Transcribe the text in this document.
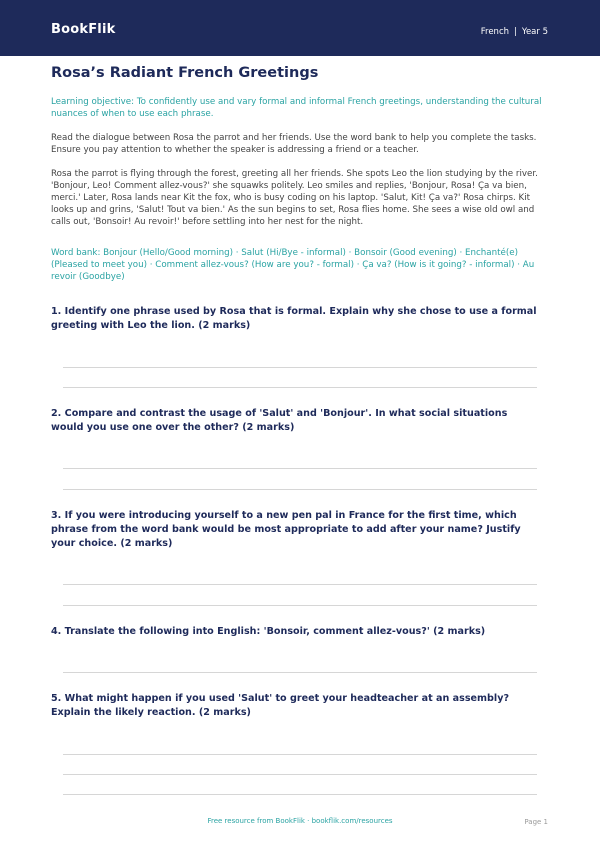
BookFlik	French | Year 5
Rosa’s Radiant French Greetings

Learning objective: To confidently use and vary formal and informal French greetings, understanding the cultural nuances of when to use each phrase.

Read the dialogue between Rosa the parrot and her friends. Use the word bank to help you complete the tasks. Ensure you pay attention to whether the speaker is addressing a friend or a teacher.

Rosa the parrot is flying through the forest, greeting all her friends. She spots Leo the lion studying by the river. 'Bonjour, Leo! Comment allez-vous?' she squawks politely. Leo smiles and replies, 'Bonjour, Rosa! Ça va bien, merci.' Later, Rosa lands near Kit the fox, who is busy coding on his laptop. 'Salut, Kit! Ça va?' Rosa chirps. Kit looks up and grins, 'Salut! Tout va bien.' As the sun begins to set, Rosa flies home. She sees a wise old owl and calls out, 'Bonsoir! Au revoir!' before settling into her nest for the night.

Word bank: Bonjour (Hello/Good morning) · Salut (Hi/Bye - informal) · Bonsoir (Good evening) · Enchanté(e) (Pleased to meet you) · Comment allez-vous? (How are you? - formal) · Ça va? (How is it going? - informal) · Au revoir (Goodbye)

1. Identify one phrase used by Rosa that is formal. Explain why she chose to use a formal greeting with Leo the lion. (2 marks)

2. Compare and contrast the usage of 'Salut' and 'Bonjour'. In what social situations would you use one over the other? (2 marks)

3. If you were introducing yourself to a new pen pal in France for the first time, which phrase from the word bank would be most appropriate to add after your name? Justify your choice. (2 marks)

4. Translate the following into English: 'Bonsoir, comment allez-vous?' (2 marks)

5. What might happen if you used 'Salut' to greet your headteacher at an assembly? Explain the likely reaction. (2 marks)

Free resource from BookFlik · bookflik.com/resources	Page 1
